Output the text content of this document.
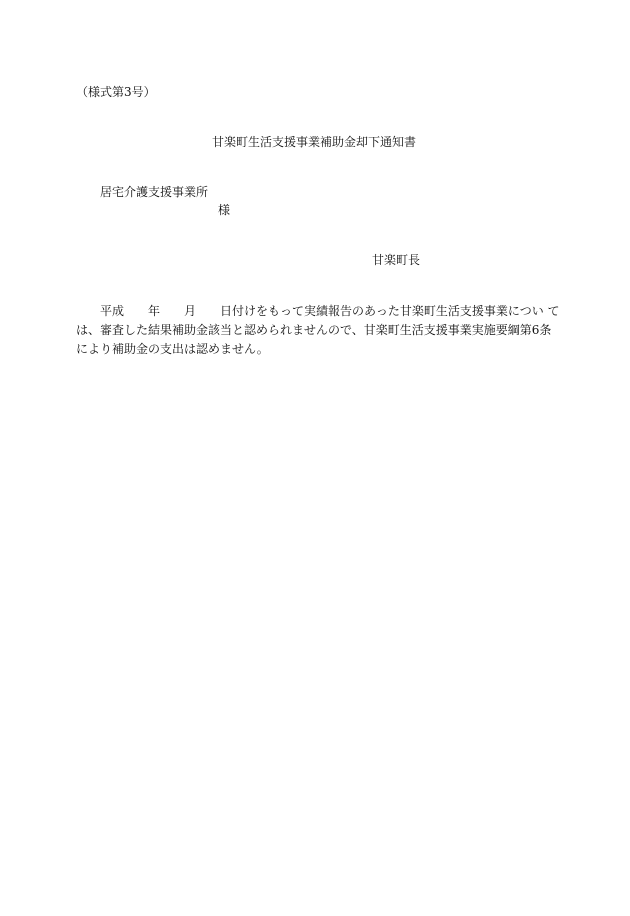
（様式第3号）
甘楽町生活支援事業補助金却下通知書
居宅介護支援事業所
様
甘楽町長
平成 年 月 日付けをもって実績報告のあった甘楽町生活支援事業につい て
は、審査した結果補助金該当と認められませんので、甘楽町生活支援事業実施要綱第6条
により補助金の支出は認めません。
